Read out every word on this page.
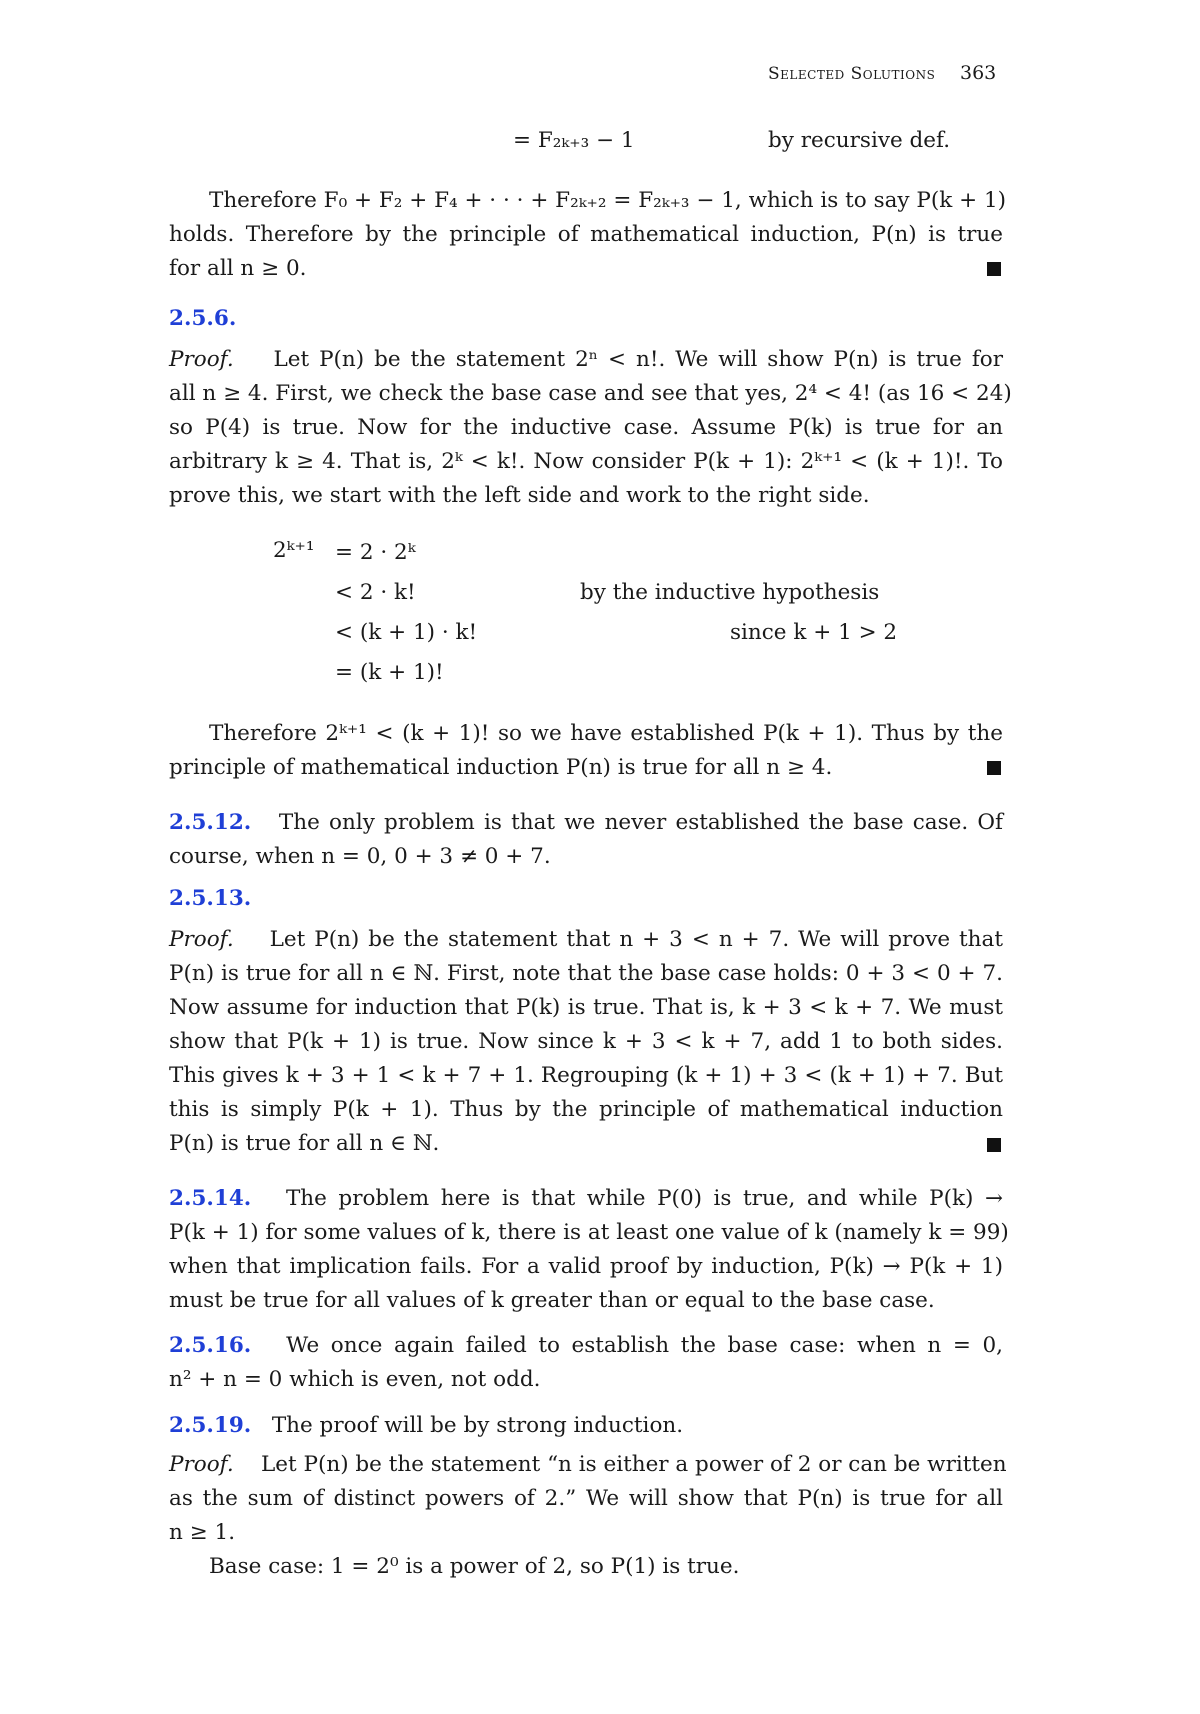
Selected Solutions 363
= F₂ₖ₊₃ − 1	by recursive def.
Therefore F₀ + F₂ + F₄ + · · · + F₂ₖ₊₂ = F₂ₖ₊₃ − 1, which is to say P(k + 1)
holds. Therefore by the principle of mathematical induction, P(n) is true
for all n ≥ 0.
2.5.6.
Proof. Let P(n) be the statement 2ⁿ < n!. We will show P(n) is true for
all n ≥ 4. First, we check the base case and see that yes, 2⁴ < 4! (as 16 < 24)
so P(4) is true. Now for the inductive case. Assume P(k) is true for an
arbitrary k ≥ 4. That is, 2ᵏ < k!. Now consider P(k + 1): 2ᵏ⁺¹ < (k + 1)!. To
prove this, we start with the left side and work to the right side.
2ᵏ⁺¹ = 2 · 2ᵏ
< 2 · k!	by the inductive hypothesis
< (k + 1) · k!	since k + 1 > 2
= (k + 1)!
Therefore 2ᵏ⁺¹ < (k + 1)! so we have established P(k + 1). Thus by the
principle of mathematical induction P(n) is true for all n ≥ 4.
2.5.12. The only problem is that we never established the base case. Of
course, when n = 0, 0 + 3 ≠ 0 + 7.
2.5.13.
Proof. Let P(n) be the statement that n + 3 < n + 7. We will prove that
P(n) is true for all n ∈ ℕ. First, note that the base case holds: 0 + 3 < 0 + 7.
Now assume for induction that P(k) is true. That is, k + 3 < k + 7. We must
show that P(k + 1) is true. Now since k + 3 < k + 7, add 1 to both sides.
This gives k + 3 + 1 < k + 7 + 1. Regrouping (k + 1) + 3 < (k + 1) + 7. But
this is simply P(k + 1). Thus by the principle of mathematical induction
P(n) is true for all n ∈ ℕ.
2.5.14. The problem here is that while P(0) is true, and while P(k) →
P(k + 1) for some values of k, there is at least one value of k (namely k = 99)
when that implication fails. For a valid proof by induction, P(k) → P(k + 1)
must be true for all values of k greater than or equal to the base case.
2.5.16. We once again failed to establish the base case: when n = 0,
n² + n = 0 which is even, not odd.
2.5.19. The proof will be by strong induction.
Proof. Let P(n) be the statement “n is either a power of 2 or can be written
as the sum of distinct powers of 2.” We will show that P(n) is true for all
n ≥ 1.
Base case: 1 = 2⁰ is a power of 2, so P(1) is true.
